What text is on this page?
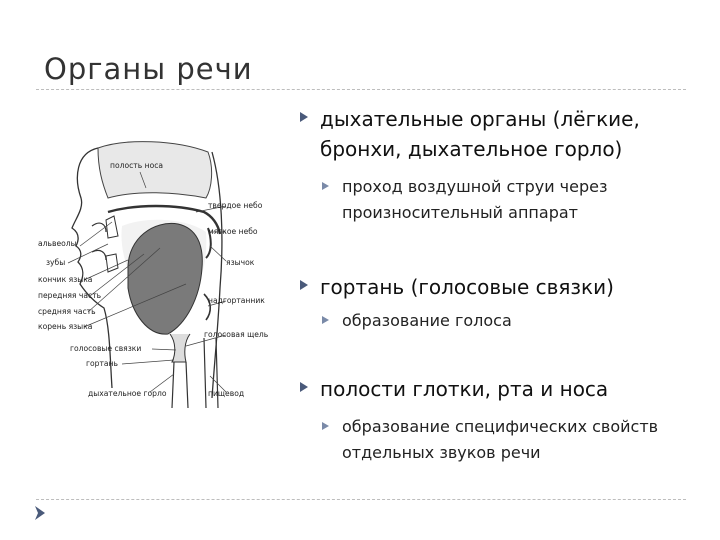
Органы речи
полость носа
твердое небо
мягкое небо
альвеолы
зубы	язычок
кончик языка
передняя часть
средняя часть
корень языка
надгортанник
голосовая щель
голосовые связки
гортань
дыхательное горло	пищевод
дыхательные органы (лёгкие, бронхи, дыхательное горло)
проход воздушной струи через произносительный аппарат
гортань (голосовые связки)
образование голоса
полости глотки, рта и носа
образование специфических свойств отдельных звуков речи
